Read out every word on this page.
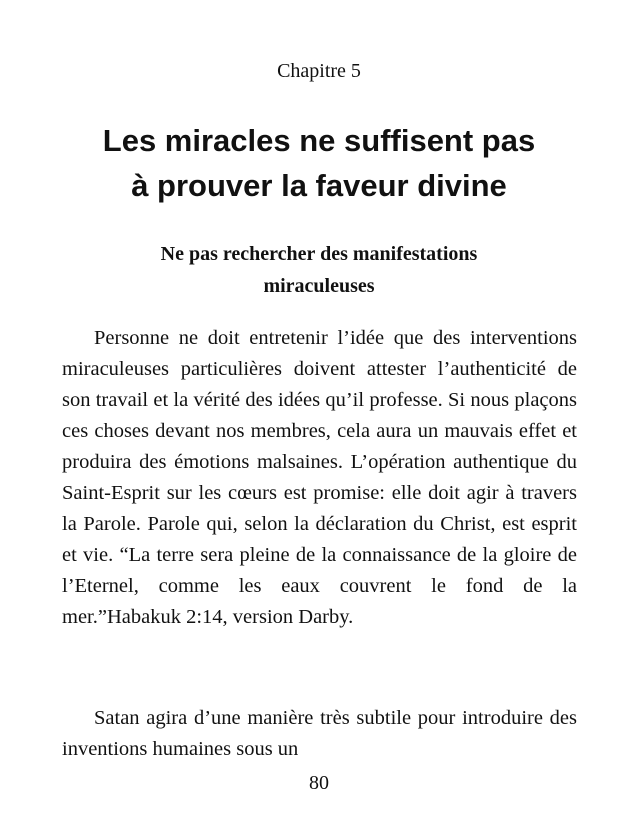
Chapitre 5
Les miracles ne suffisent pas
à prouver la faveur divine
Ne pas rechercher des manifestations
miraculeuses

Personne ne doit entretenir l’idée que des interventions miraculeuses particulières doivent attester l’authenticité de son travail et la vérité des idées qu’il professe. Si nous plaçons ces choses devant nos membres, cela aura un mauvais effet et produira des émotions malsaines. L’opération authentique du Saint-Esprit sur les cœurs est promise: elle doit agir à travers la Parole. Parole qui, selon la déclaration du Christ, est esprit et vie. “La terre sera pleine de la connaissance de la gloire de l’Eternel, comme les eaux couvrent le fond de la mer.”Habakuk 2:14, version Darby.

Satan agira d’une manière très subtile pour introduire des inventions humaines sous un

80
